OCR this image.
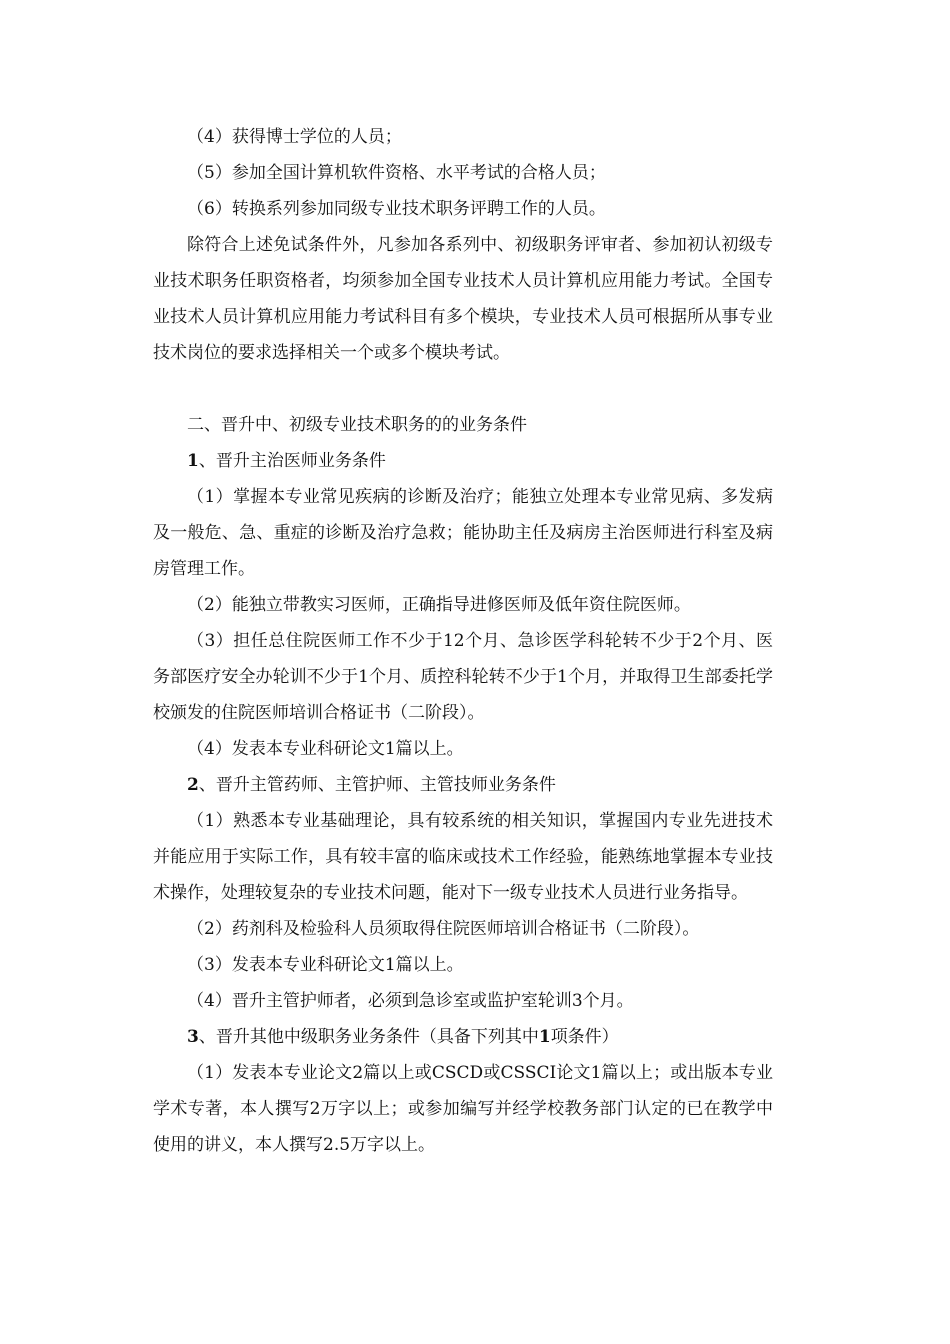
（4）获得博士学位的人员；

（5）参加全国计算机软件资格、水平考试的合格人员；

（6）转换系列参加同级专业技术职务评聘工作的人员。

除符合上述免试条件外，凡参加各系列中、初级职务评审者、参加初认初级专业技术职务任职资格者，均须参加全国专业技术人员计算机应用能力考试。全国专业技术人员计算机应用能力考试科目有多个模块，专业技术人员可根据所从事专业技术岗位的要求选择相关一个或多个模块考试。

二、晋升中、初级专业技术职务的的业务条件

1、晋升主治医师业务条件

（1）掌握本专业常见疾病的诊断及治疗；能独立处理本专业常见病、多发病及一般危、急、重症的诊断及治疗急救；能协助主任及病房主治医师进行科室及病房管理工作。

（2）能独立带教实习医师，正确指导进修医师及低年资住院医师。

（3）担任总住院医师工作不少于12个月、急诊医学科轮转不少于2个月、医务部医疗安全办轮训不少于1个月、质控科轮转不少于1个月，并取得卫生部委托学校颁发的住院医师培训合格证书（二阶段）。

（4）发表本专业科研论文1篇以上。

2、晋升主管药师、主管护师、主管技师业务条件

（1）熟悉本专业基础理论，具有较系统的相关知识，掌握国内专业先进技术并能应用于实际工作，具有较丰富的临床或技术工作经验，能熟练地掌握本专业技术操作，处理较复杂的专业技术问题，能对下一级专业技术人员进行业务指导。

（2）药剂科及检验科人员须取得住院医师培训合格证书（二阶段）。

（3）发表本专业科研论文1篇以上。

（4）晋升主管护师者，必须到急诊室或监护室轮训3个月。

3、晋升其他中级职务业务条件（具备下列其中1项条件）

（1）发表本专业论文2篇以上或CSCD或CSSCI论文1篇以上；或出版本专业学术专著，本人撰写2万字以上；或参加编写并经学校教务部门认定的已在教学中使用的讲义，本人撰写2.5万字以上。
